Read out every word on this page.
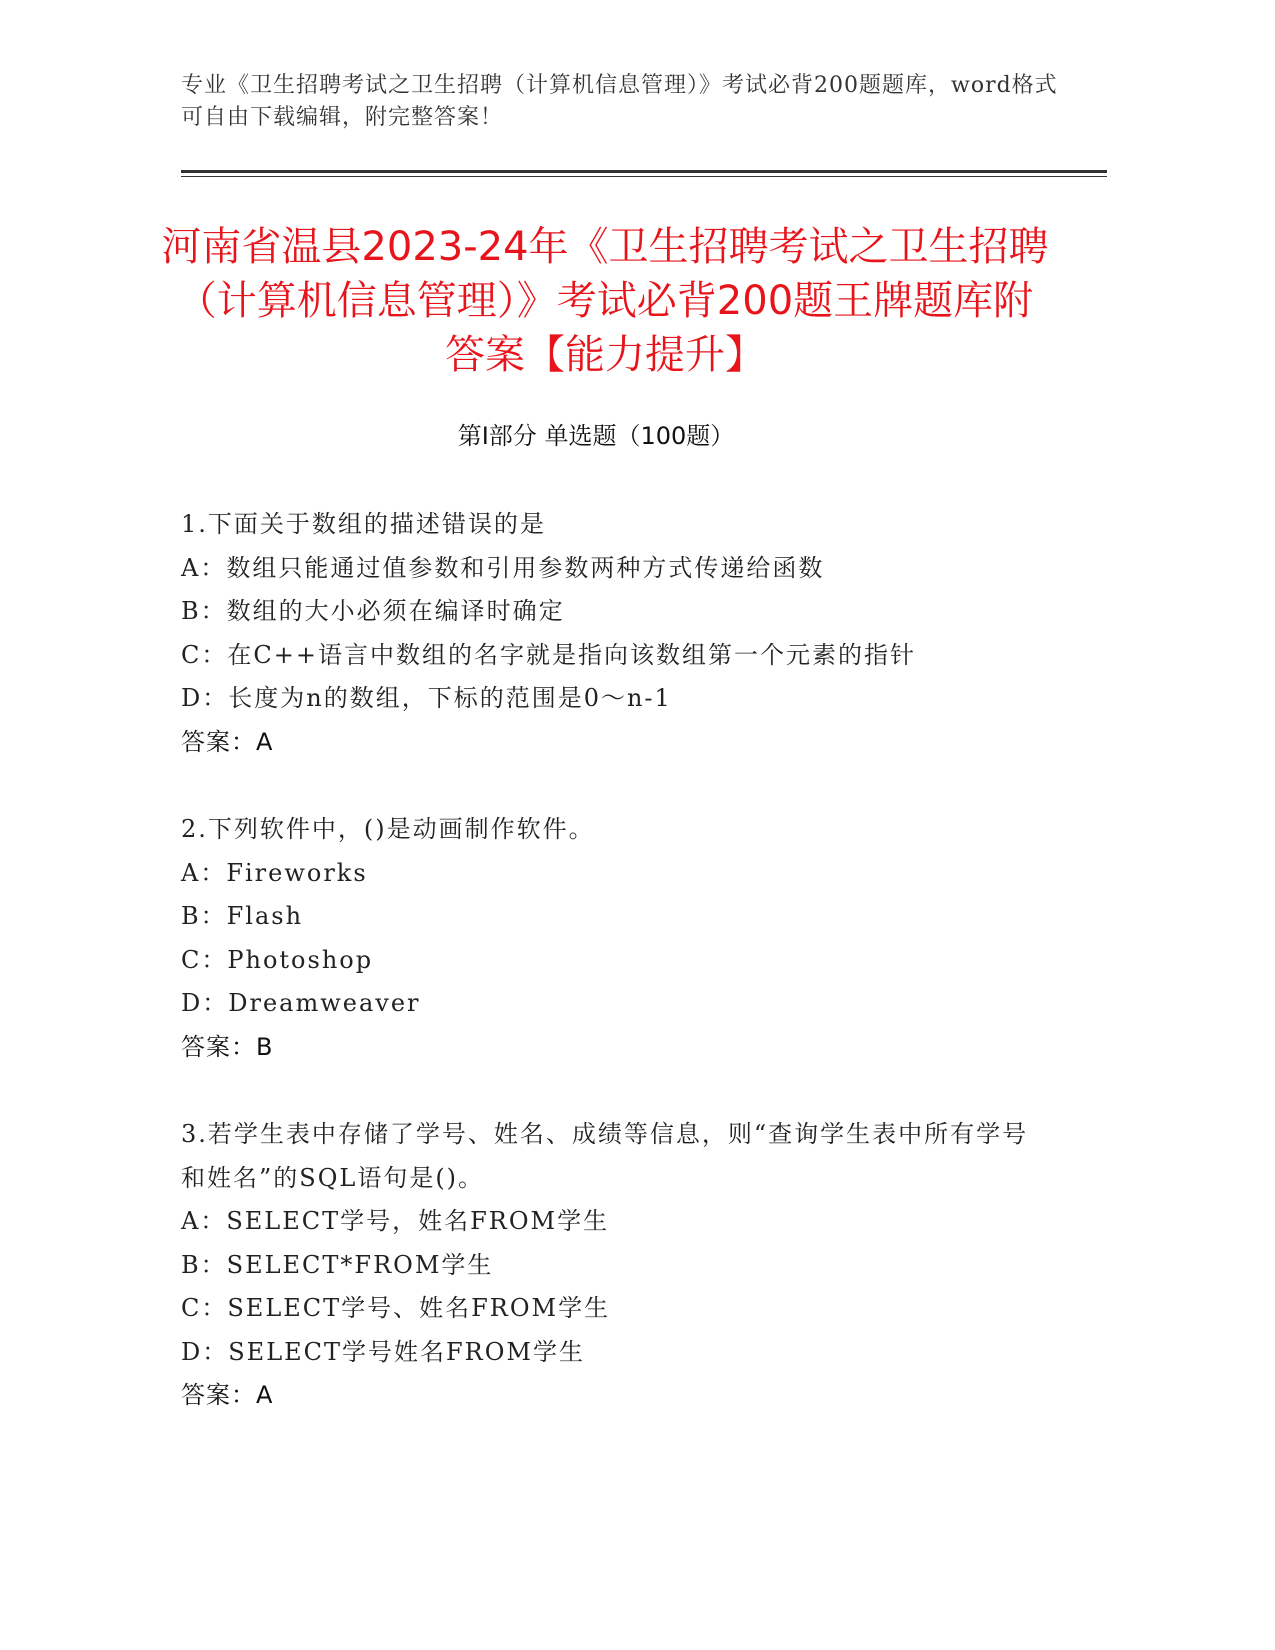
专业《卫生招聘考试之卫生招聘（计算机信息管理）》考试必背200题题库，word格式可自由下载编辑，附完整答案！
河南省温县2023-24年《卫生招聘考试之卫生招聘（计算机信息管理）》考试必背200题王牌题库附答案【能力提升】
第I部分 单选题（100题）
1.下面关于数组的描述错误的是
A：数组只能通过值参数和引用参数两种方式传递给函数
B：数组的大小必须在编译时确定
C：在C++语言中数组的名字就是指向该数组第一个元素的指针
D：长度为n的数组，下标的范围是0～n-1
答案：A
2.下列软件中，()是动画制作软件。
A：Fireworks
B：Flash
C：Photoshop
D：Dreamweaver
答案：B
3.若学生表中存储了学号、姓名、成绩等信息，则“查询学生表中所有学号和姓名”的SQL语句是()。
A：SELECT学号，姓名FROM学生
B：SELECT*FROM学生
C：SELECT学号、姓名FROM学生
D：SELECT学号姓名FROM学生
答案：A
